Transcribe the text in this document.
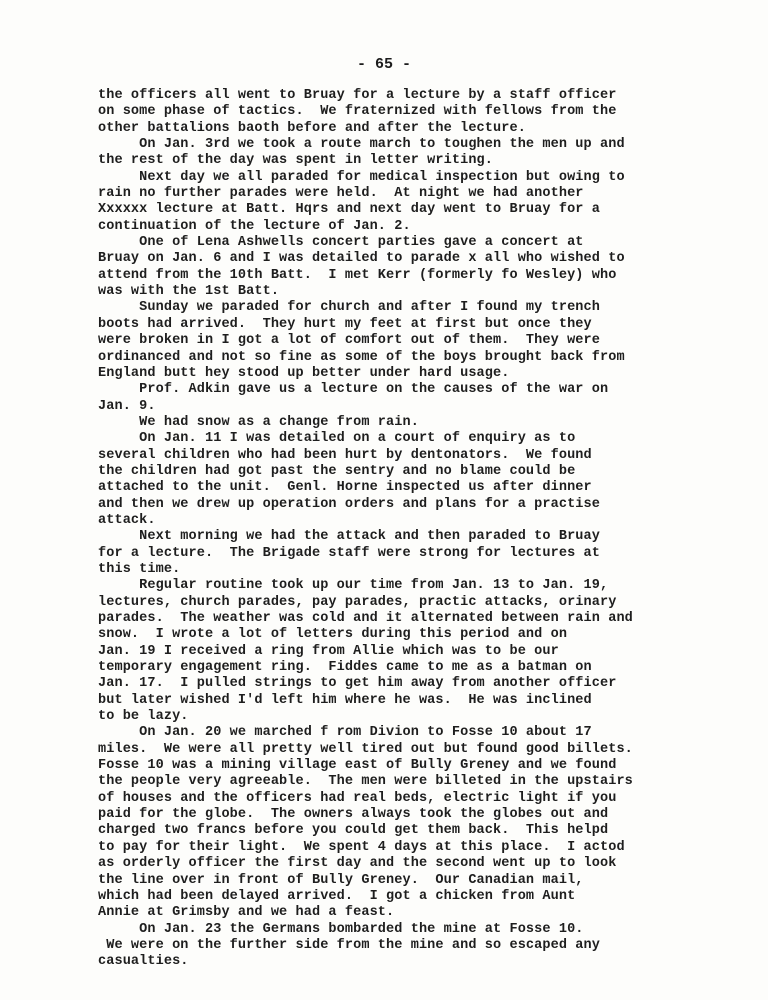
- 65 -
the officers all went to Bruay for a lecture by a staff officer
on some phase of tactics.  We fraternized with fellows from the
other battalions baoth before and after the lecture.
On Jan. 3rd we took a route march to toughen the men up and
the rest of the day was spent in letter writing.
Next day we all paraded for medical inspection but owing to
rain no further parades were held.  At night we had another
Xxxxxx lecture at Batt. Hqrs and next day went to Bruay for a
continuation of the lecture of Jan. 2.
One of Lena Ashwells concert parties gave a concert at
Bruay on Jan. 6 and I was detailed to parade x all who wished to
attend from the 10th Batt.  I met Kerr (formerly fo Wesley) who
was with the 1st Batt.
Sunday we paraded for church and after I found my trench
boots had arrived.  They hurt my feet at first but once they
were broken in I got a lot of comfort out of them.  They were
ordinanced and not so fine as some of the boys brought back from
England butt hey stood up better under hard usage.
Prof. Adkin gave us a lecture on the causes of the war on
Jan. 9.
We had snow as a change from rain.
On Jan. 11 I was detailed on a court of enquiry as to
several children who had been hurt by dentonators.  We found
the children had got past the sentry and no blame could be
attached to the unit.  Genl. Horne inspected us after dinner
and then we drew up operation orders and plans for a practise
attack.
Next morning we had the attack and then paraded to Bruay
for a lecture.  The Brigade staff were strong for lectures at
this time.
Regular routine took up our time from Jan. 13 to Jan. 19,
lectures, church parades, pay parades, practic attacks, orinary
parades.  The weather was cold and it alternated between rain and
snow.  I wrote a lot of letters during this period and on
Jan. 19 I received a ring from Allie which was to be our
temporary engagement ring.  Fiddes came to me as a batman on
Jan. 17.  I pulled strings to get him away from another officer
but later wished I'd left him where he was.  He was inclined
to be lazy.
On Jan. 20 we marched f rom Divion to Fosse 10 about 17
miles.  We were all pretty well tired out but found good billets.
Fosse 10 was a mining village east of Bully Greney and we found
the people very agreeable.  The men were billeted in the upstairs
of houses and the officers had real beds, electric light if you
paid for the globe.  The owners always took the globes out and
charged two francs before you could get them back.  This helpd
to pay for their light.  We spent 4 days at this place.  I actod
as orderly officer the first day and the second went up to look
the line over in front of Bully Greney.  Our Canadian mail,
which had been delayed arrived.  I got a chicken from Aunt
Annie at Grimsby and we had a feast.
On Jan. 23 the Germans bombarded the mine at Fosse 10.
We were on the further side from the mine and so escaped any
casualties.
